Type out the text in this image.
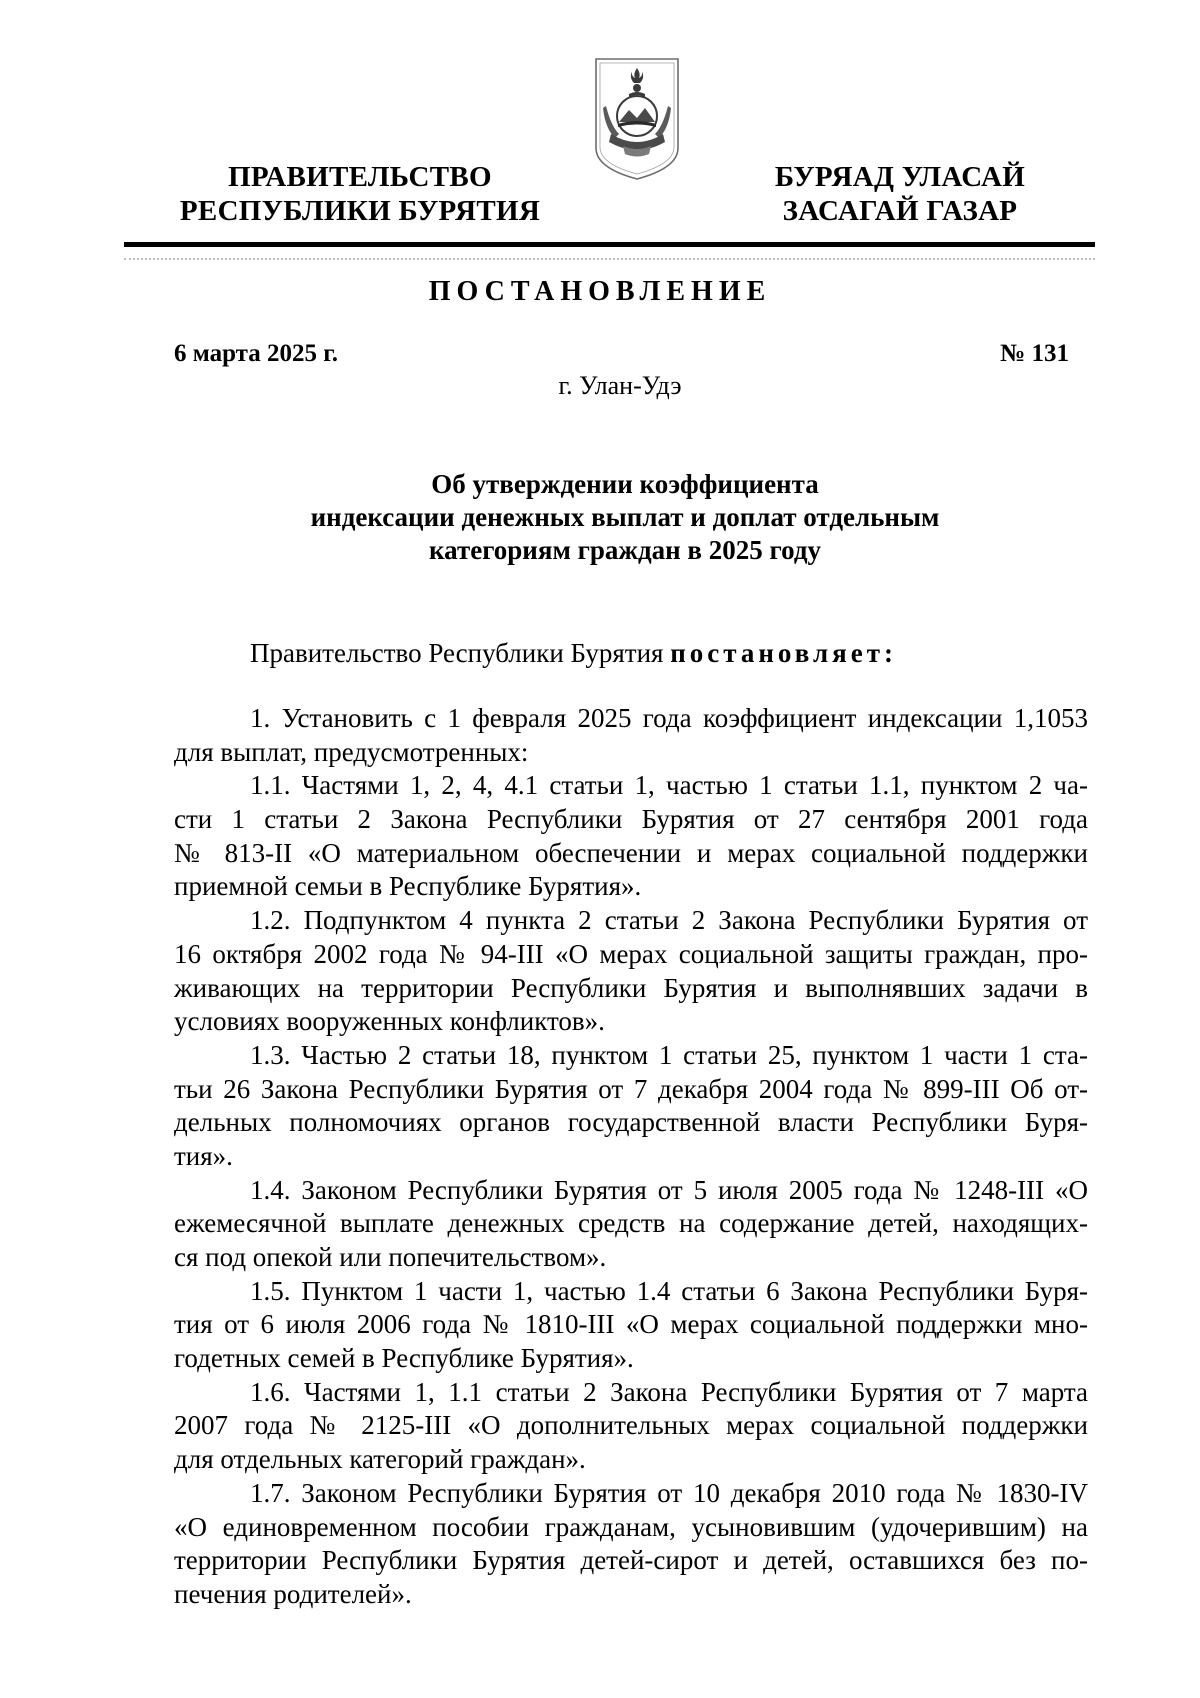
ПРАВИТЕЛЬСТВО
РЕСПУБЛИКИ БУРЯТИЯ
БУРЯАД УЛАСАЙ
ЗАСАГАЙ ГАЗАР
ПОСТАНОВЛЕНИЕ
6 марта 2025 г.	№ 131
г. Улан-Удэ
Об утверждении коэффициента
индексации денежных выплат и доплат отдельным
категориям граждан в 2025 году
Правительство Республики Бурятия постановляет:
1. Установить с 1 февраля 2025 года коэффициент индексации 1,1053
для выплат, предусмотренных:
1.1. Частями 1, 2, 4, 4.1 статьи 1, частью 1 статьи 1.1, пунктом 2 ча-
сти 1 статьи 2 Закона Республики Бурятия от 27 сентября 2001 года
№ 813-II «О материальном обеспечении и мерах социальной поддержки
приемной семьи в Республике Бурятия».
1.2. Подпунктом 4 пункта 2 статьи 2 Закона Республики Бурятия от
16 октября 2002 года № 94-III «О мерах социальной защиты граждан, про-
живающих на территории Республики Бурятия и выполнявших задачи в
условиях вооруженных конфликтов».
1.3. Частью 2 статьи 18, пунктом 1 статьи 25, пунктом 1 части 1 ста-
тьи 26 Закона Республики Бурятия от 7 декабря 2004 года № 899-III Об от-
дельных полномочиях органов государственной власти Республики Буря-
тия».
1.4. Законом Республики Бурятия от 5 июля 2005 года № 1248-III «О
ежемесячной выплате денежных средств на содержание детей, находящих-
ся под опекой или попечительством».
1.5. Пунктом 1 части 1, частью 1.4 статьи 6 Закона Республики Буря-
тия от 6 июля 2006 года № 1810-III «О мерах социальной поддержки мно-
годетных семей в Республике Бурятия».
1.6. Частями 1, 1.1 статьи 2 Закона Республики Бурятия от 7 марта
2007 года № 2125-III «О дополнительных мерах социальной поддержки
для отдельных категорий граждан».
1.7. Законом Республики Бурятия от 10 декабря 2010 года № 1830-IV
«О единовременном пособии гражданам, усыновившим (удочерившим) на
территории Республики Бурятия детей-сирот и детей, оставшихся без по-
печения родителей».
